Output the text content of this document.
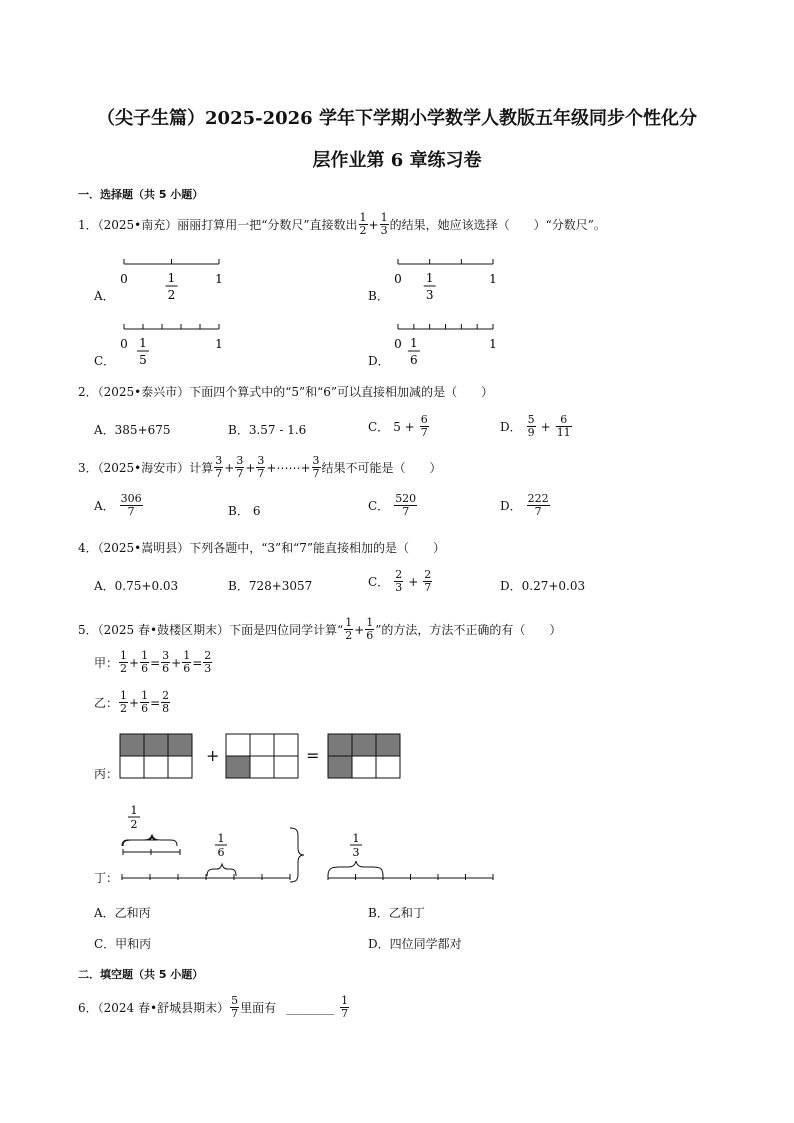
（尖子生篇）2025-2026 学年下学期小学数学人教版五年级同步个性化分
层作业第 6 章练习卷
一．选择题（共 5 小题）
1．（2025•南充）丽丽打算用一把“分数尺”直接数出 1
$2 + \frac{1}{3}$ 的结果，她应该选择（　　）“分数尺”。
A．
0	1
1
2	B．
0	1
1
3
C．
0	1
1
5	D．
0	1
1
6
2．（2025•泰兴市）下面四个算式中的“5”和“6”可以直接相加减的是（　　）
A．385+675	B．3.57 - 1.6	C． $5 + \frac{6}{7}$	D．
5
$9 + \frac{6}{11}$
3．（2025•海安市）计算 3
$7 + \frac{3}{7} + \frac{3}{7}$ +⋯⋯+ $\frac{3}{7}$ 结果不可能是（　　）
A．
306
7	B． 6	C．
520
7	D．
222
7
4．（2025•嵩明县）下列各题中，“3”和“7”能直接相加的是（　　）
A．0.75+0.03	B．728+3057	C．
2
$3 + \frac{2}{7}$	D．0.27+0.03
5．（2025 春•鼓楼区期末）下面是四位同学计算“ 1
$2 + \frac{1}{6}$ ”的方法，方法不正确的有（　　）
甲： 1
$2 + \frac{1}{6} = \frac{3}{6} + \frac{1}{6} = \frac{2}{3}$
乙： 1
$2 + \frac{1}{6} = \frac{2}{8}$
丙：
+	=
丁：
1
2
1
6
1
3
A．乙和丙	B．乙和丁
C．甲和丙	D．四位同学都对
二．填空题（共 5 小题）
6．（2024 春•舒城县期末） 5
7 里面有 ________ 1
7
